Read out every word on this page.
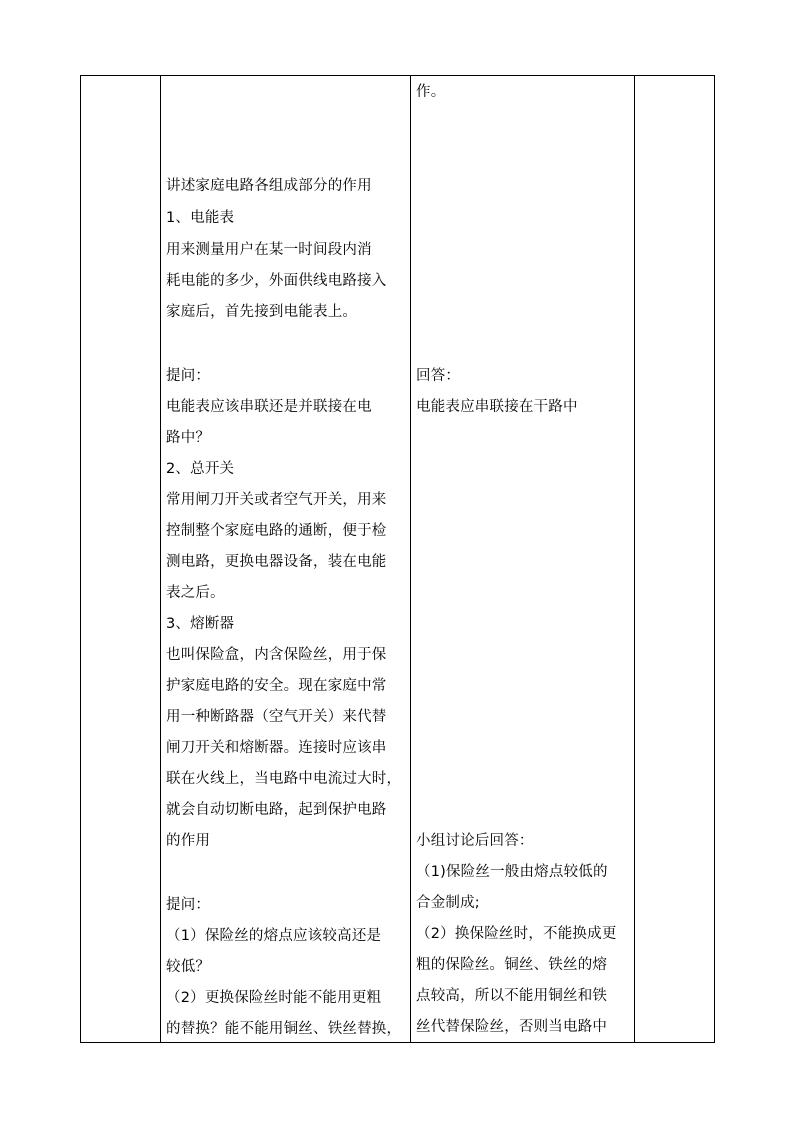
讲述家庭电路各组成部分的作用
1、电能表
用来测量用户在某一时间段内消
耗电能的多少，外面供线电路接入
家庭后，首先接到电能表上。
提问：
电能表应该串联还是并联接在电
路中？
2、总开关
常用闸刀开关或者空气开关，用来
控制整个家庭电路的通断，便于检
测电路，更换电器设备，装在电能
表之后。
3、熔断器
也叫保险盒，内含保险丝，用于保
护家庭电路的安全。现在家庭中常
用一种断路器（空气开关）来代替
闸刀开关和熔断器。连接时应该串
联在火线上，当电路中电流过大时，
就会自动切断电路，起到保护电路
的作用
提问：
（1）保险丝的熔点应该较高还是
较低？
（2）更换保险丝时能不能用更粗
的替换？能不能用铜丝、铁丝替换，
作。
回答：
电能表应串联接在干路中
小组讨论后回答：
（1)保险丝一般由熔点较低的
合金制成;
（2）换保险丝时，不能换成更
粗的保险丝。铜丝、铁丝的熔
点较高，所以不能用铜丝和铁
丝代替保险丝，否则当电路中
